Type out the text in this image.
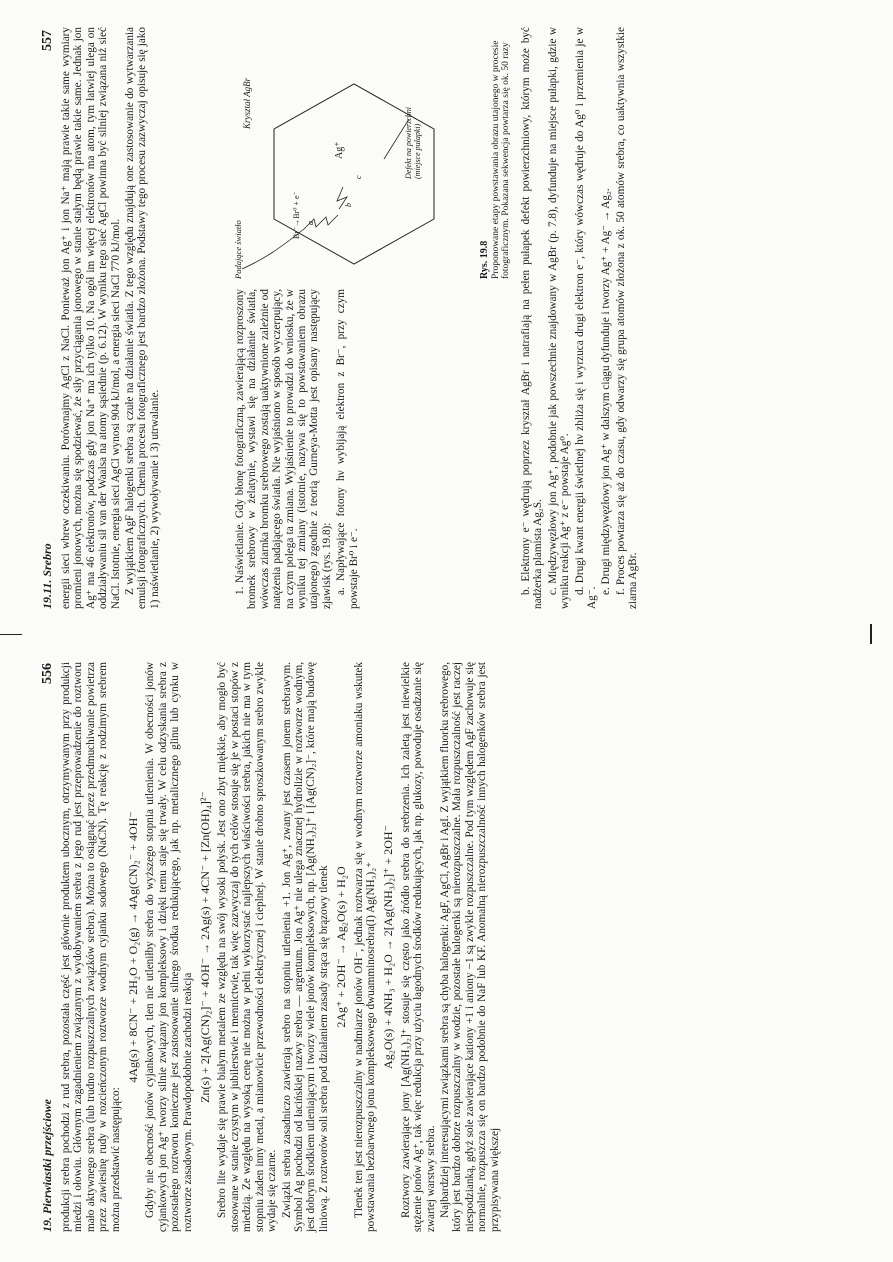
19. Pierwiastki przejściowe
556 produkcji srebra pochodzi z rud srebra, pozostała część jest głównie produktem ubocznym, otrzymywanym przy produkcji miedzi i ołowiu. Głównym zagadnieniem związanym z wydobywaniem srebra z jego rud jest przeprowadzenie do roztworu mało aktywnego srebra (lub trudno rozpuszczalnych związków srebra). Można to osiągnąć przez przedmuchiwanie powietrza przez zawiesinę rudy w rozcieńczonym roztworze wodnym cyjanku sodowego (NaCN). Tę reakcję z rodzimym srebrem można przedstawić następująco:

4Ag(s) + 8CN⁻ + 2H₂O + O₂(g) → 4Ag(CN)₂⁻ + 4OH⁻ Gdyby nie obecność jonów cyjankowych, tlen nie utleniłby srebra do wyższego stopnia utlenienia. W obecności jonów cyjankowych jon Ag⁺ tworzy silnie związany jon kompleksowy i dzięki temu staje się trwały. W celu odzyskania srebra z pozostałego roztworu konieczne jest zastosowanie silnego środka redukującego, jak np. metalicznego glinu lub cynku w roztworze zasadowym. Prawdopodobnie zachodzi reakcja Zn(s) + 2[Ag(CN)₂]⁻ + 4OH⁻ → 2Ag(s) + 4CN⁻ + [Zn(OH)₄]²⁻ Srebro lite wydaje się prawie białym metalem ze względu na swój wysoki połysk. Jest ono zbyt miękkie, aby mogło być stosowane w stanie czystym w jubilerstwie i mennictwie, tak więc zazwyczaj do tych celów stosuje się je w postaci stopów z miedzią. Ze względu na wysoką cenę nie można w pełni wykorzystać najlepszych właściwości srebra, jakich nie ma w tym stopniu żaden inny metal, a mianowicie przewodności elektrycznej i cieplnej. W stanie drobno sproszkowanym srebro zwykle wydaje się czarne. Związki srebra zasadniczo zawierają srebro na stopniu utlenienia +1. Jon Ag⁺, zwany jest czasem jonem srebrawym. Symbol Ag pochodzi od łacińskiej nazwy srebra — argentum. Jon Ag⁺ nie ulega znacznej hydrolizie w roztworze wodnym, jest dobrym środkiem utleniającym i tworzy wiele jonów kompleksowych, np. [Ag(NH₃)₂]⁺ i [Ag(CN)₂]⁻, które mają budowę liniową. Z roztworów soli srebra pod działaniem zasady strąca się brązowy tlenek 2Ag⁺ + 2OH⁻ → Ag₂O(s) + H₂O Tlenek ten jest nierozpuszczalny w nadmiarze jonów OH⁻, jednak roztwarza się w wodnym roztworze amoniaku wskutek powstawania bezbarwnego jonu kompleksowego dwuamminosrebra(I) Ag(NH₃)₂⁺ Ag₂O(s) + 4NH₃ + H₂O → 2[Ag(NH₃)₂]⁺ + 2OH⁻ Roztwory zawierające jony [Ag(NH₃)₂]⁺ stosuje się często jako źródło srebra do srebrzenia. Ich zaletą jest niewielkie stężenie jonów Ag⁺, tak więc redukcja przy użyciu łagodnych środków redukujących, jak np. glukozy, powoduje osadzanie się zwartej warstwy srebra. Najbardziej interesującymi związkami srebra są chyba halogenki: AgF, AgCl, AgBr i AgI. Z wyjątkiem fluorku srebrowego, który jest bardzo dobrze rozpuszczalny w wodzie, pozostałe halogenki są nierozpuszczalne. Mała rozpuszczalność jest raczej niespodzianką, gdyż sole zawierające kationy +1 i aniony −1 są zwykle rozpuszczalne. Pod tym względem AgF zachowuje się normalnie, rozpuszcza się on bardzo podobnie do NaF lub KF. Anomalną nierozpuszczalność innych halogenków srebra jest przypisywana większej

19.11. Srebro
557 energii sieci wbrew oczekiwaniu. Porównajmy AgCl z NaCl. Ponieważ jon Ag⁺ i jon Na⁺ mają prawie takie same wymiary promieni jonowych, można się spodziewać, że siły przyciągania jonowego w stanie stałym będą prawie takie same. Jednak jon Ag⁺ ma 46 elektronów, podczas gdy jon Na⁺ ma ich tylko 10. Na ogół im więcej elektronów ma atom, tym łatwiej ulega on oddziaływaniu sił van der Waalsa na atomy sąsiednie (p. 6.12). W wyniku tego sieć AgCl powinna być silniej związana niż sieć NaCl. Istotnie, energia sieci AgCl wynosi 904 kJ/mol, a energia sieci NaCl 770 kJ/mol. Z wyjątkiem AgF halogenki srebra są czułe na działanie światła. Z tego względu znajdują one zastosowanie do wytwarzania emulsji fotograficznych. Chemia procesu fotograficznego jest bardzo złożona. Podstawy tego procesu zazwyczaj opisuje się jako 1) naświetlanie, 2) wywoływanie i 3) utrwalanie.	1. Naświetlanie. Gdy błonę fotograficzną, zawierającą rozproszony bromek srebrowy w żelatynie, wystawi się na działanie światła, wówczas ziarnka bromku srebrowego zostają uaktywnione zależnie od natężenia padającego światła. Nie wyjaśniono w sposób wyczerpujący, na czym polega ta zmiana. Wyjaśnienie to prowadzi do wniosku, że w wyniku tej zmiany (istotnie, nazywa się to powstawaniem obrazu utajonego) zgodnie z teorią Gurneya-Motta jest opisany następujący zjawisk (rys. 19.8): a. Napływające fotony hν wybijają elektron z Br⁻, przy czym powstaje Br⁰ i e⁻.

Padające światło
Kryształ AgBr
Br⁻→Br⁰ + e⁻ a
b
c
Ag⁺	Defekt na powierzchni (miejsce pułapki)
Rys. 19.8 Proponowane etapy powstawania obrazu utajonego w procesie fotograficznym. Pokazana sekwencja powtarza się ok. 50 razy b. Elektrony e⁻ wędrują poprzez kryształ AgBr i natrafiają na pełen pułapek defekt powierzchniowy, którym może być nadżerka plamista Ag₂S. c. Międzywęzłowy jon Ag⁺, podobnie jak powszechnie znajdowany w AgBr (p. 7.8), dyfunduje na miejsce pułapki, gdzie w wyniku reakcji Ag⁺ z e⁻ powstaje Ag⁰. d. Drugi kwant energii świetlnej hν zbliża się i wyrzuca drugi elektron e⁻, który wówczas wędruje do Ag⁰ i przemienia je w Ag⁻.

e. Drugi międzywęzłowy jon Ag⁺ w dalszym ciągu dyfunduje i tworzy Ag⁺ + Ag⁻ → Ag₂. f. Proces powtarza się aż do czasu, gdy odwarzy się grupa atomów złożona z ok. 50 atomów srebra, co uaktywnia wszystkie ziarna AgBr.
